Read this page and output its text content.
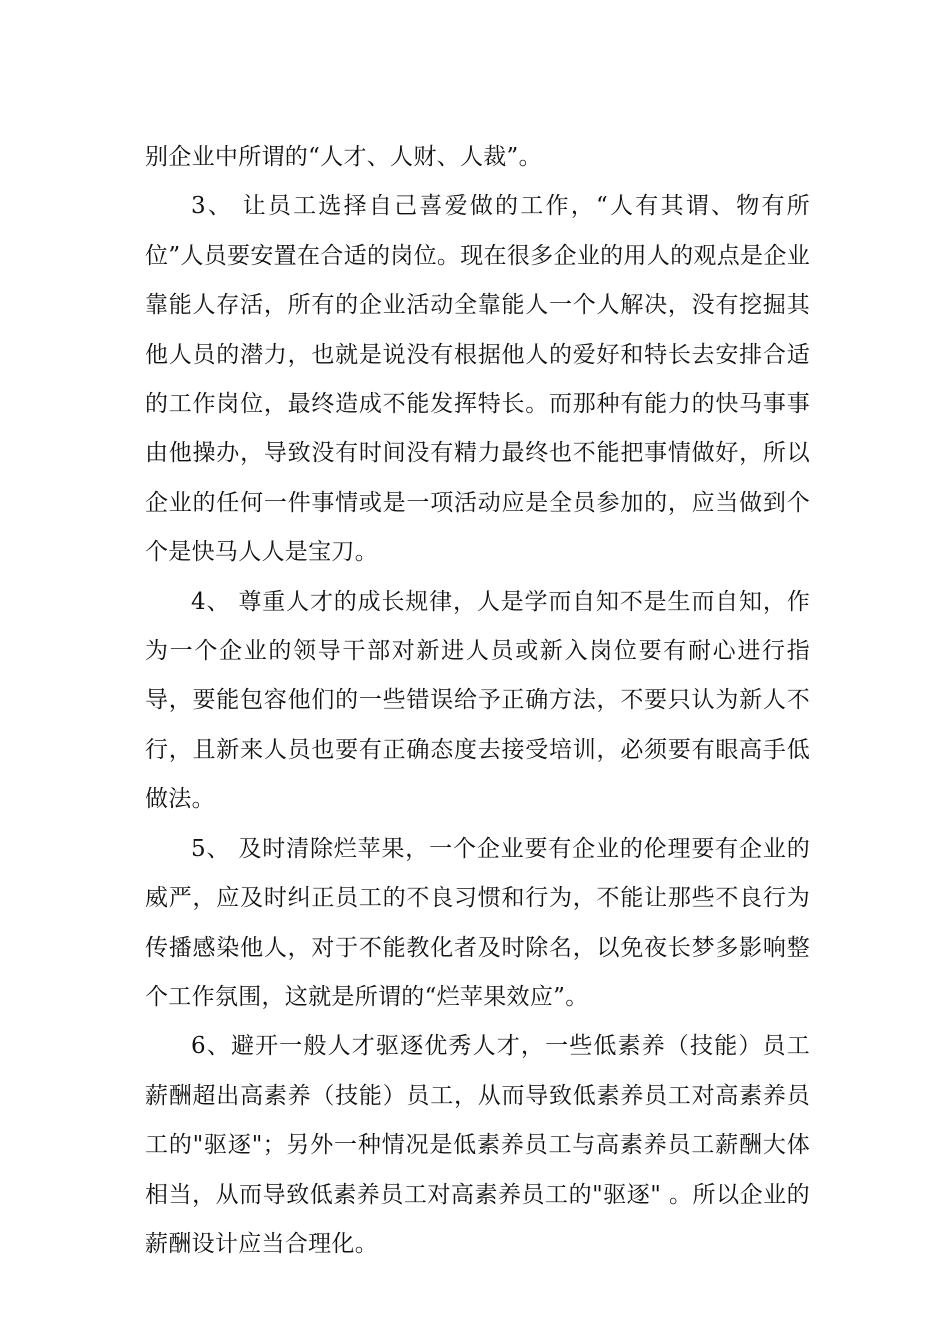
别企业中所谓的“人才、人财、人裁”。

3、 让员工选择自己喜爱做的工作，“人有其谓、物有所位”人员要安置在合适的岗位。现在很多企业的用人的观点是企业靠能人存活，所有的企业活动全靠能人一个人解决，没有挖掘其他人员的潜力，也就是说没有根据他人的爱好和特长去安排合适的工作岗位，最终造成不能发挥特长。而那种有能力的快马事事由他操办，导致没有时间没有精力最终也不能把事情做好，所以企业的任何一件事情或是一项活动应是全员参加的，应当做到个个是快马人人是宝刀。

4、 尊重人才的成长规律，人是学而自知不是生而自知，作为一个企业的领导干部对新进人员或新入岗位要有耐心进行指导，要能包容他们的一些错误给予正确方法，不要只认为新人不行，且新来人员也要有正确态度去接受培训，必须要有眼高手低做法。

5、 及时清除烂苹果，一个企业要有企业的伦理要有企业的威严，应及时纠正员工的不良习惯和行为，不能让那些不良行为传播感染他人，对于不能教化者及时除名，以免夜长梦多影响整个工作氛围，这就是所谓的“烂苹果效应”。

6、避开一般人才驱逐优秀人才，一些低素养（技能）员工薪酬超出高素养（技能）员工，从而导致低素养员工对高素养员工的"驱逐"；另外一种情况是低素养员工与高素养员工薪酬大体相当，从而导致低素养员工对高素养员工的"驱逐" 。所以企业的薪酬设计应当合理化。
